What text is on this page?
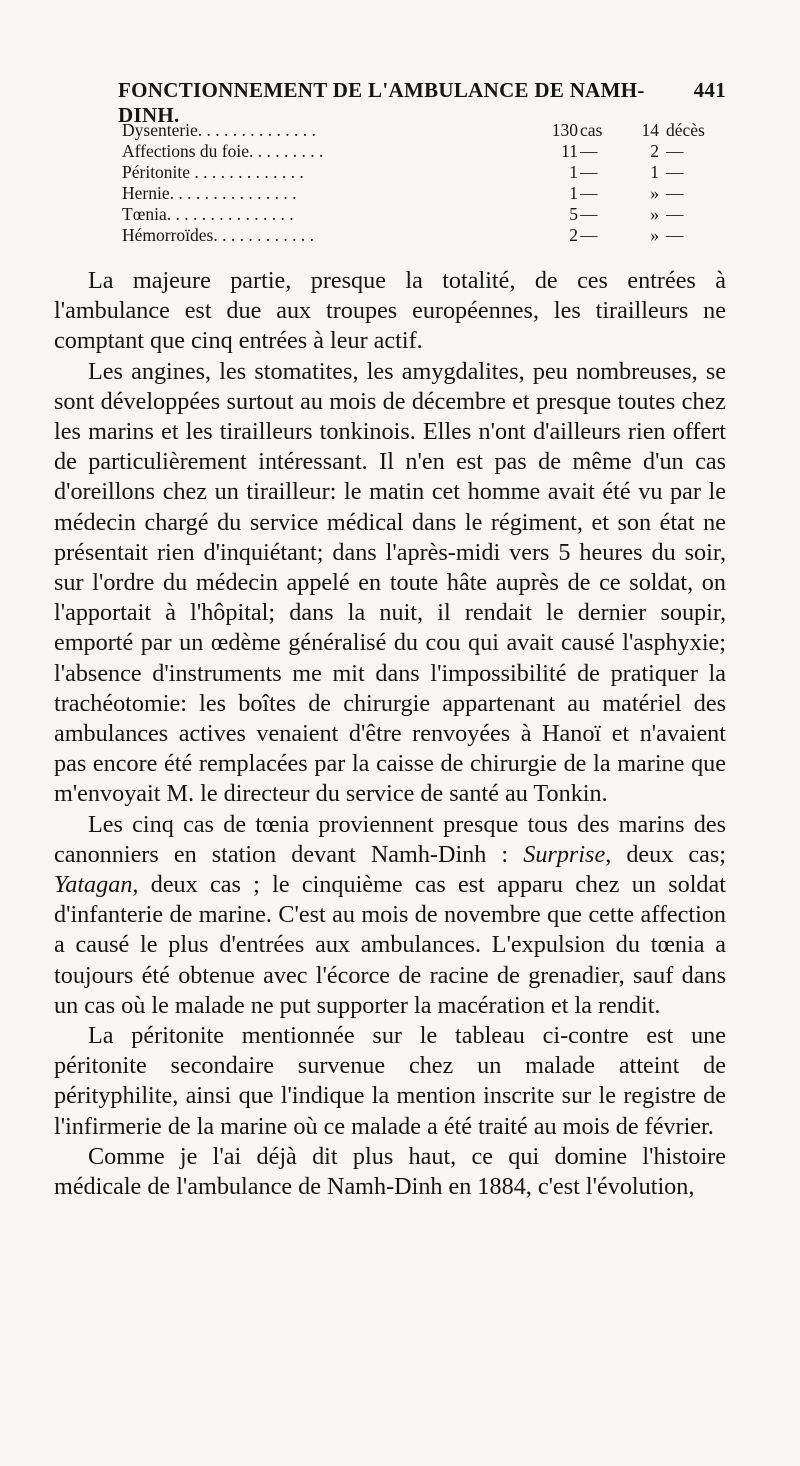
FONCTIONNEMENT DE L'AMBULANCE DE NAMH-DINH.
441
Dysenterie. . . . . . . . . . . . . .	130 cas	14 décès
Affections du foie. . . . . . . . .	11 —	2 —
Péritonite . . . . . . . . . . . . .	1 —	1 —
Hernie. . . . . . . . . . . . . . .	1 —	» —
Tœnia. . . . . . . . . . . . . . .	5 —	» —
Hémorroïdes. . . . . . . . . . . .	2 —	» —

La majeure partie, presque la totalité, de ces entrées à l'ambulance est due aux troupes européennes, les tirailleurs ne comptant que cinq entrées à leur actif.

Les angines, les stomatites, les amygdalites, peu nombreuses, se sont développées surtout au mois de décembre et presque toutes chez les marins et les tirailleurs tonkinois. Elles n'ont d'ailleurs rien offert de particulièrement intéressant. Il n'en est pas de même d'un cas d'oreillons chez un tirailleur: le matin cet homme avait été vu par le médecin chargé du service médical dans le régiment, et son état ne présentait rien d'inquiétant; dans l'après-midi vers 5 heures du soir, sur l'ordre du médecin appelé en toute hâte auprès de ce soldat, on l'apportait à l'hôpital; dans la nuit, il rendait le dernier soupir, emporté par un œdème généralisé du cou qui avait causé l'asphyxie; l'absence d'instruments me mit dans l'impossibilité de pratiquer la trachéotomie: les boîtes de chirurgie appartenant au matériel des ambulances actives venaient d'être renvoyées à Hanoï et n'avaient pas encore été remplacées par la caisse de chirurgie de la marine que m'envoyait M. le directeur du service de santé au Tonkin.

Les cinq cas de tœnia proviennent presque tous des marins des canonniers en station devant Namh-Dinh : Surprise, deux cas; Yatagan, deux cas ; le cinquième cas est apparu chez un soldat d'infanterie de marine. C'est au mois de novembre que cette affection a causé le plus d'entrées aux ambulances. L'expulsion du tœnia a toujours été obtenue avec l'écorce de racine de grenadier, sauf dans un cas où le malade ne put supporter la macération et la rendit.

La péritonite mentionnée sur le tableau ci-contre est une péritonite secondaire survenue chez un malade atteint de pérityphilite, ainsi que l'indique la mention inscrite sur le registre de l'infirmerie de la marine où ce malade a été traité au mois de février.

Comme je l'ai déjà dit plus haut, ce qui domine l'histoire médicale de l'ambulance de Namh-Dinh en 1884, c'est l'évolution,
